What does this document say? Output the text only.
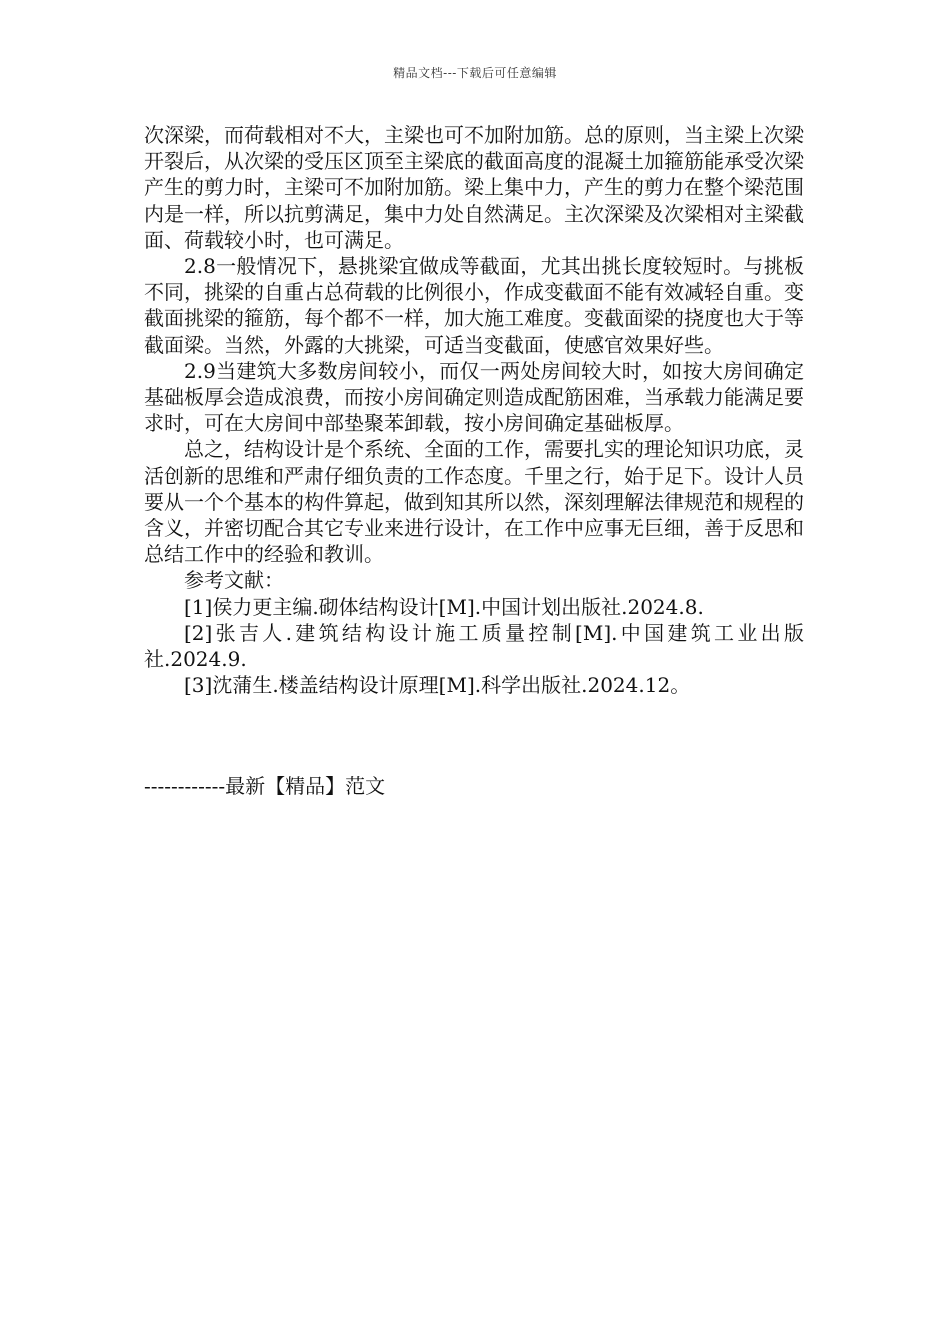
精品文档---下载后可任意编辑

次深梁，而荷载相对不大，主梁也可不加附加筋。总的原则，当主梁上次梁开裂后，从次梁的受压区顶至主梁底的截面高度的混凝土加箍筋能承受次梁产生的剪力时，主梁可不加附加筋。梁上集中力，产生的剪力在整个梁范围内是一样，所以抗剪满足，集中力处自然满足。主次深梁及次梁相对主梁截面、荷载较小时，也可满足。

2.8一般情况下，悬挑梁宜做成等截面，尤其出挑长度较短时。与挑板不同，挑梁的自重占总荷载的比例很小，作成变截面不能有效减轻自重。变截面挑梁的箍筋，每个都不一样，加大施工难度。变截面梁的挠度也大于等截面梁。当然，外露的大挑梁，可适当变截面，使感官效果好些。

2.9当建筑大多数房间较小，而仅一两处房间较大时，如按大房间确定基础板厚会造成浪费，而按小房间确定则造成配筋困难，当承载力能满足要求时，可在大房间中部垫聚苯卸载，按小房间确定基础板厚。

总之，结构设计是个系统、全面的工作，需要扎实的理论知识功底，灵活创新的思维和严肃仔细负责的工作态度。千里之行，始于足下。设计人员要从一个个基本的构件算起，做到知其所以然，深刻理解法律规范和规程的含义，并密切配合其它专业来进行设计，在工作中应事无巨细，善于反思和总结工作中的经验和教训。

参考文献：

[1]侯力更主编.砌体结构设计[M].中国计划出版社.2024.8.

[2]张吉人.建筑结构设计施工质量控制[M].中国建筑工业出版社.2024.9.

[3]沈蒲生.楼盖结构设计原理[M].科学出版社.2024.12。

------------最新【精品】范文
